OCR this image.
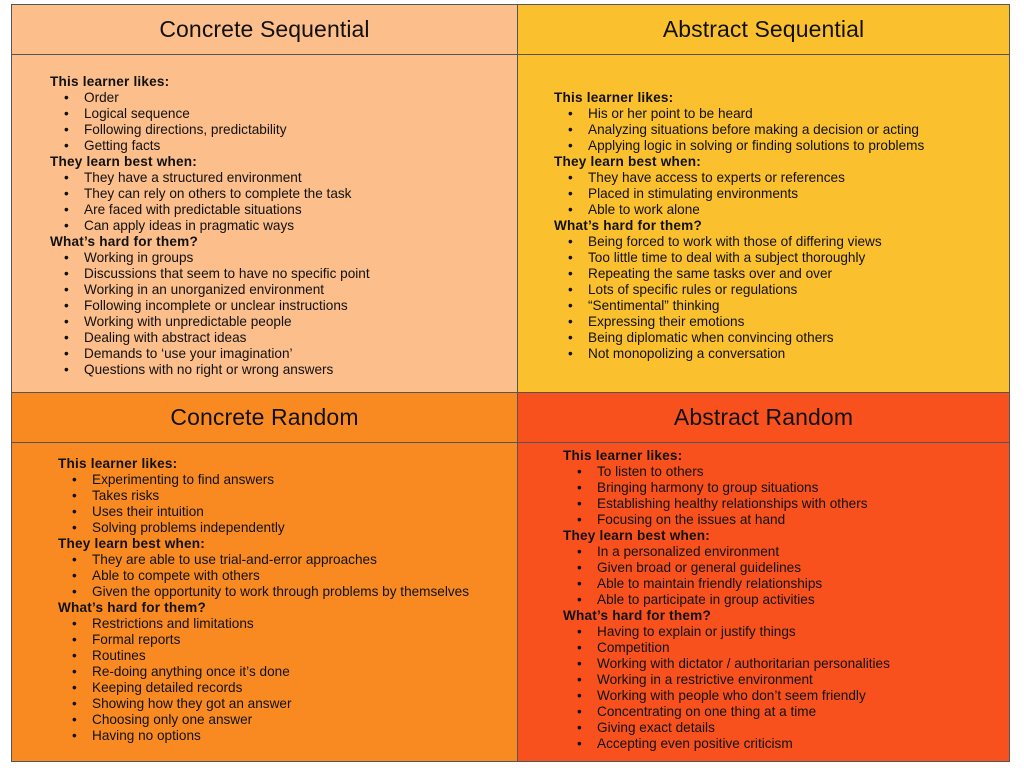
Concrete Sequential
This learner likes:
• Order
• Logical sequence
• Following directions, predictability
• Getting facts
They learn best when:
• They have a structured environment
• They can rely on others to complete the task
• Are faced with predictable situations
• Can apply ideas in pragmatic ways
What’s hard for them?
• Working in groups
• Discussions that seem to have no specific point
• Working in an unorganized environment
• Following incomplete or unclear instructions
• Working with unpredictable people
• Dealing with abstract ideas
• Demands to ‘use your imagination’
• Questions with no right or wrong answers
Abstract Sequential
This learner likes:
• His or her point to be heard
• Analyzing situations before making a decision or acting
• Applying logic in solving or finding solutions to problems
They learn best when:
• They have access to experts or references
• Placed in stimulating environments
• Able to work alone
What’s hard for them?
• Being forced to work with those of differing views
• Too little time to deal with a subject thoroughly
• Repeating the same tasks over and over
• Lots of specific rules or regulations
• “Sentimental” thinking
• Expressing their emotions
• Being diplomatic when convincing others
• Not monopolizing a conversation
Concrete Random
This learner likes:
• Experimenting to find answers
• Takes risks
• Uses their intuition
• Solving problems independently
They learn best when:
• They are able to use trial-and-error approaches
• Able to compete with others
• Given the opportunity to work through problems by themselves
What’s hard for them?
• Restrictions and limitations
• Formal reports
• Routines
• Re-doing anything once it’s done
• Keeping detailed records
• Showing how they got an answer
• Choosing only one answer
• Having no options
Abstract Random
This learner likes:
• To listen to others
• Bringing harmony to group situations
• Establishing healthy relationships with others
• Focusing on the issues at hand
They learn best when:
• In a personalized environment
• Given broad or general guidelines
• Able to maintain friendly relationships
• Able to participate in group activities
What’s hard for them?
• Having to explain or justify things
• Competition
• Working with dictator / authoritarian personalities
• Working in a restrictive environment
• Working with people who don’t seem friendly
• Concentrating on one thing at a time
• Giving exact details
• Accepting even positive criticism
